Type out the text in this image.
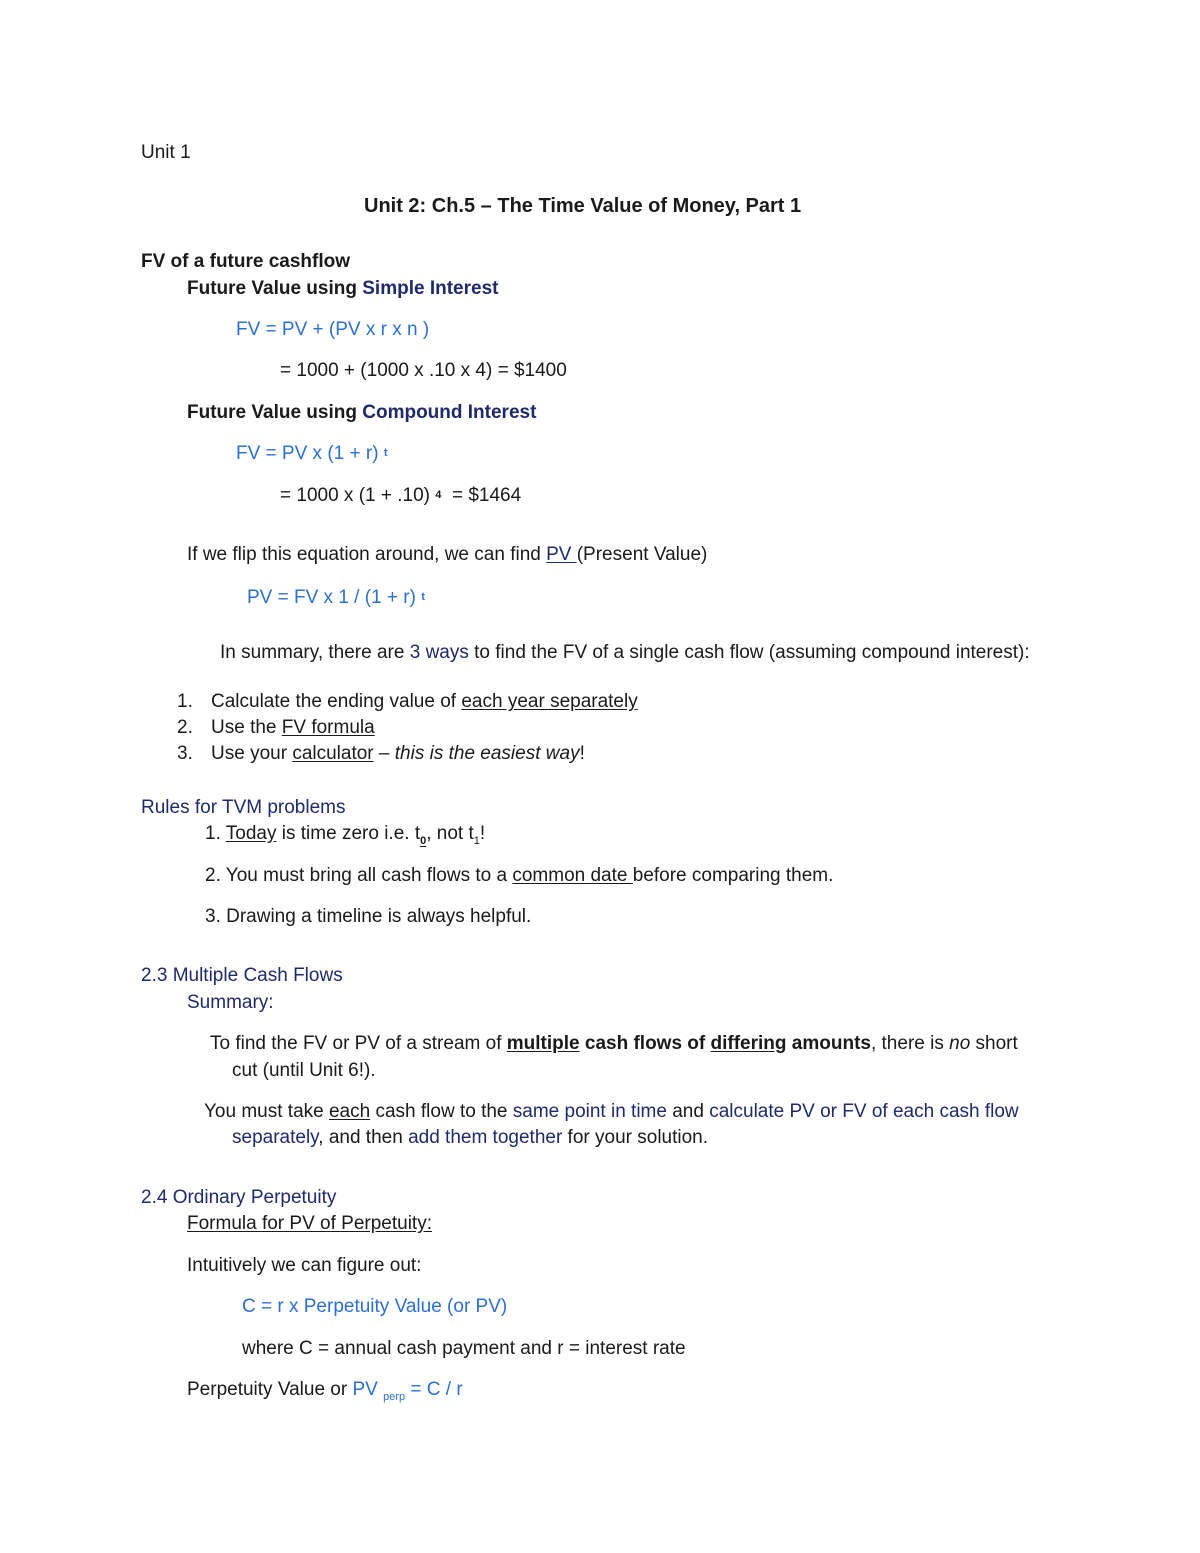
Unit 1
Unit 2: Ch.5 – The Time Value of Money, Part 1
FV of a future cashflow
Future Value using Simple Interest
FV = PV + (PV x r x n )
= 1000 + (1000 x .10 x 4) = $1400
Future Value using Compound Interest
FV = PV x (1 + r) $^t$
= 1000 x (1 + .10) $^4$ = $1464
If we flip this equation around, we can find PV (Present Value)
PV = FV x 1 / (1 + r) $^t$
In summary, there are 3 ways to find the FV of a single cash flow (assuming compound interest):
1. Calculate the ending value of each year separately
2. Use the FV formula
3. Use your calculator – this is the easiest way!
Rules for TVM problems
1. Today is time zero i.e. $t_0$, not $t_1$!
2. You must bring all cash flows to a common date before comparing them.
3. Drawing a timeline is always helpful.
2.3 Multiple Cash Flows
Summary:
To find the FV or PV of a stream of multiple cash flows of differing amounts, there is no short
cut (until Unit 6!).
You must take each cash flow to the same point in time and calculate PV or FV of each cash flow
separately, and then add them together for your solution.
2.4 Ordinary Perpetuity
Formula for PV of Perpetuity:
Intuitively we can figure out:
C = r x Perpetuity Value (or PV)
where C = annual cash payment and r = interest rate
Perpetuity Value or PV $_{perp}$ = C / r
